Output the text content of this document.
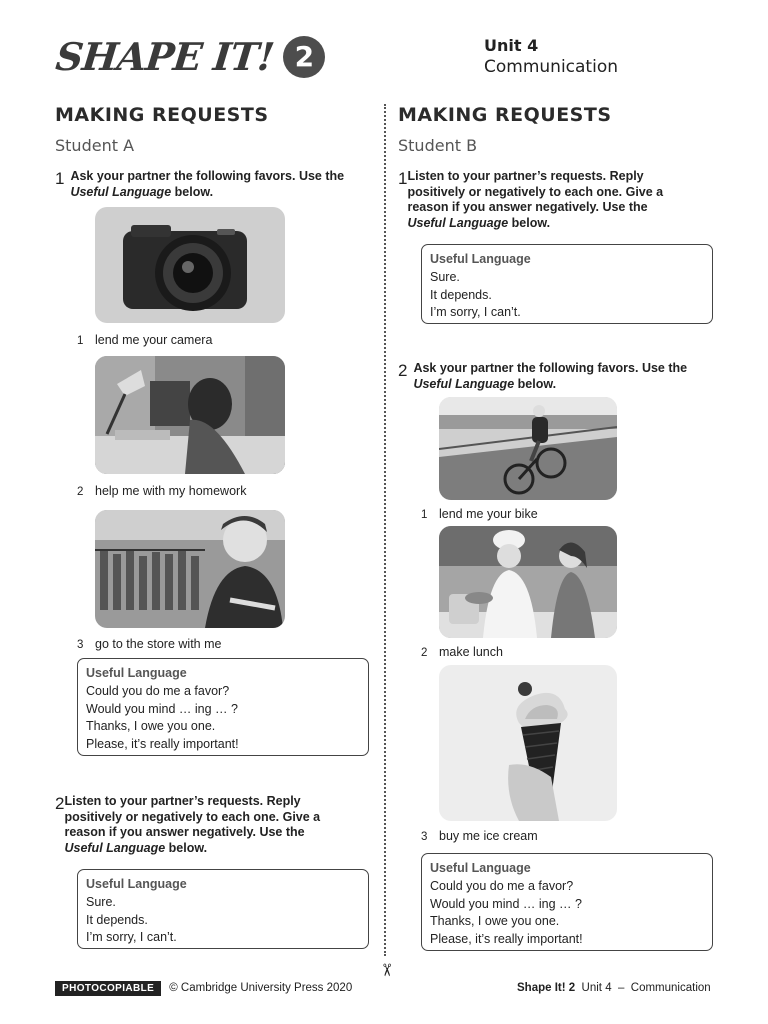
SHAPE IT! 2	Unit 4
Communication
MAKING REQUESTS
Student A
MAKING REQUESTS
Student B
✂
1 Ask your partner the following favors. Use the Useful Language below.
1 lend me your camera
2 help me with my homework
3 go to the store with me
Useful Language
Could you do me a favor?
Would you mind … ing … ?
Thanks, I owe you one.
Please, it’s really important!
2 Listen to your partner’s requests. Reply positively or negatively to each one. Give a reason if you answer negatively. Use the Useful Language below.
Useful Language
Sure.
It depends.
I’m sorry, I can’t.
1 Listen to your partner’s requests. Reply positively or negatively to each one. Give a reason if you answer negatively. Use the Useful Language below.
Useful Language
Sure.
It depends.
I’m sorry, I can’t.
2 Ask your partner the following favors. Use the Useful Language below.
1 lend me your bike
2 make lunch
3 buy me ice cream
Useful Language
Could you do me a favor?
Would you mind … ing … ?
Thanks, I owe you one.
Please, it’s really important!
PHOTOCOPIABLE © Cambridge University Press 2020	Shape It! 2 Unit 4 – Communication
